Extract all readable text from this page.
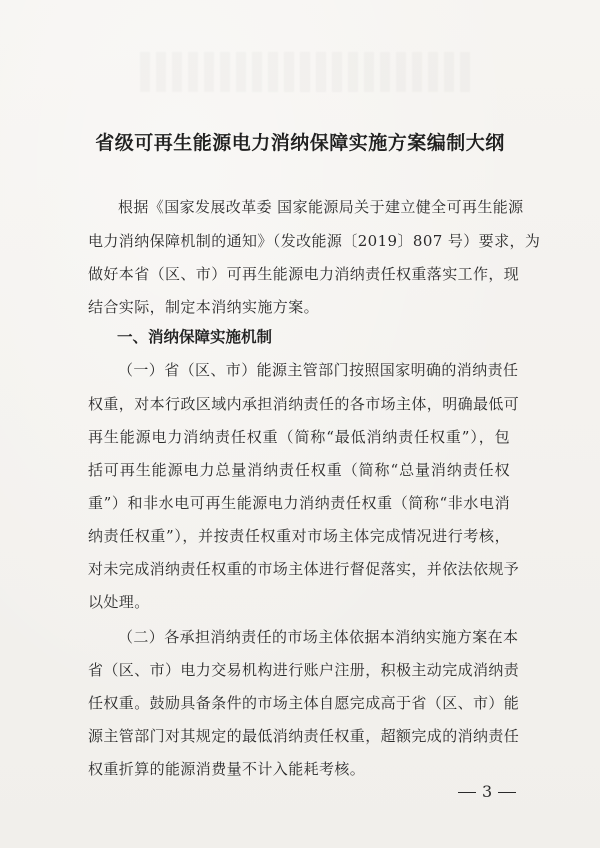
省级可再生能源电力消纳保障实施方案编制大纲
根据《国家发展改革委 国家能源局关于建立健全可再生能源
电力消纳保障机制的通知》（发改能源〔2019〕807 号）要求，为
做好本省（区、市）可再生能源电力消纳责任权重落实工作，现
结合实际，制定本消纳实施方案。
一、消纳保障实施机制
（一）省（区、市）能源主管部门按照国家明确的消纳责任
权重，对本行政区域内承担消纳责任的各市场主体，明确最低可
再生能源电力消纳责任权重（简称“最低消纳责任权重”），包
括可再生能源电力总量消纳责任权重（简称“总量消纳责任权
重”）和非水电可再生能源电力消纳责任权重（简称“非水电消
纳责任权重”），并按责任权重对市场主体完成情况进行考核，
对未完成消纳责任权重的市场主体进行督促落实，并依法依规予
以处理。
（二）各承担消纳责任的市场主体依据本消纳实施方案在本
省（区、市）电力交易机构进行账户注册，积极主动完成消纳责
任权重。鼓励具备条件的市场主体自愿完成高于省（区、市）能
源主管部门对其规定的最低消纳责任权重，超额完成的消纳责任
权重折算的能源消费量不计入能耗考核。
3
